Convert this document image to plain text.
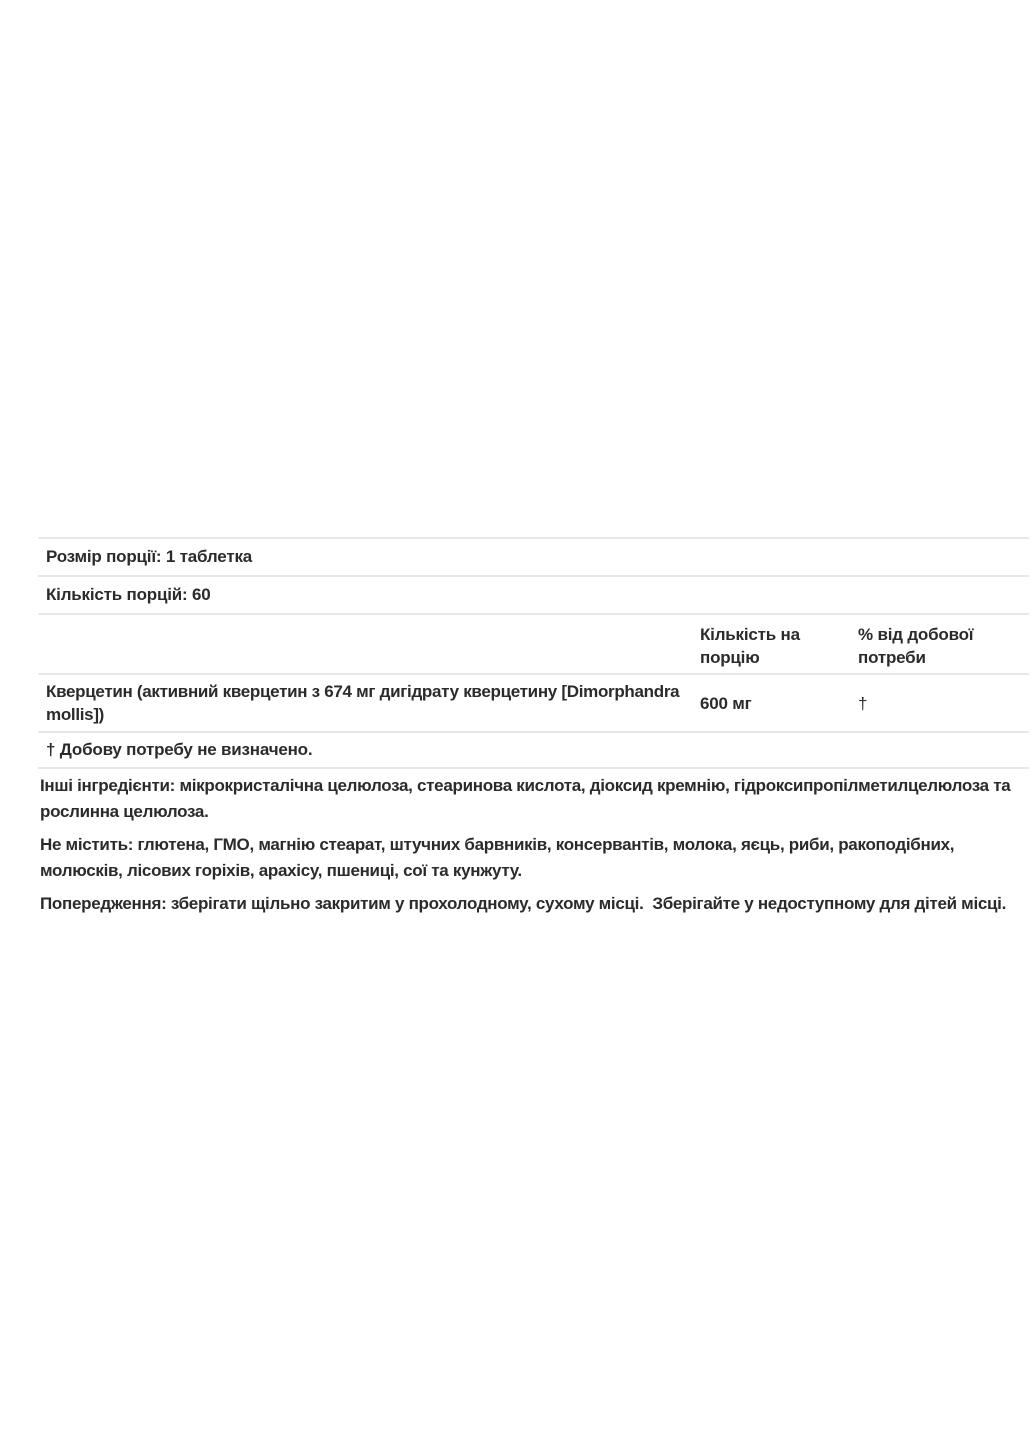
Розмір порції: 1 таблетка
Кількість порцій: 60
Кількість на порцію
% від добової потреби
Кверцетин (активний кверцетин з 674 мг дигідрату кверцетину [Dimorphandra mollis])
600 мг	†
† Добову потребу не визначено.

Інші інгредієнти: мікрокристалічна целюлоза, стеаринова кислота, діоксид кремнію, гідроксипропілметилцелюлоза та рослинна целюлоза.

Не містить: глютена, ГМО, магнію стеарат, штучних барвників, консервантів, молока, яєць, риби, ракоподібних, молюсків, лісових горіхів, арахісу, пшениці, сої та кунжуту.

Попередження: зберігати щільно закритим у прохолодному, сухому місці.  Зберігайте у недоступному для дітей місці.
